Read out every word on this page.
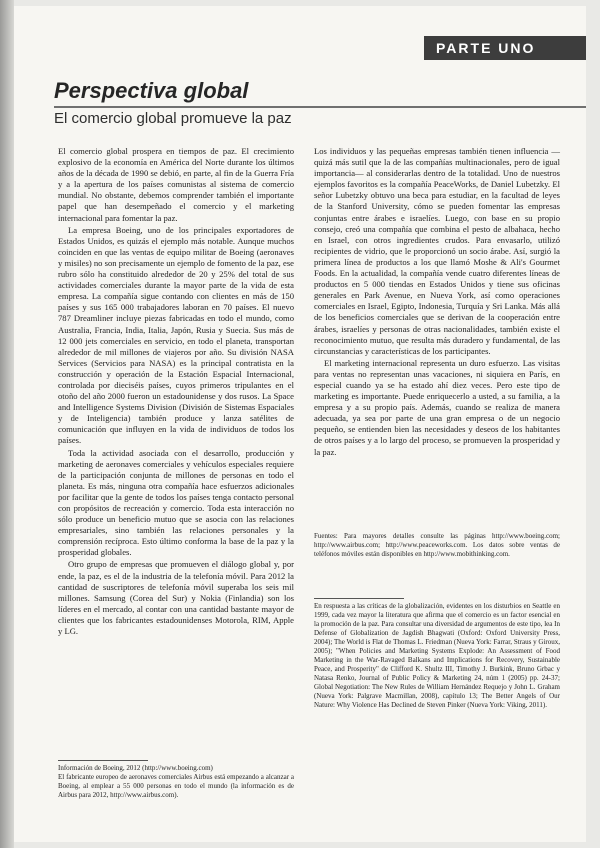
PARTE UNO
Perspectiva global
El comercio global promueve la paz

El comercio global prospera en tiempos de paz. El crecimiento explosivo de la economía en América del Norte durante los últimos años de la década de 1990 se debió, en parte, al fin de la Guerra Fría y a la apertura de los países comunistas al sistema de comercio mundial. No obstante, debemos comprender también el importante papel que han desempeñado el comercio y el marketing internacional para fomentar la paz.

La empresa Boeing, uno de los principales exportadores de Estados Unidos, es quizás el ejemplo más notable. Aunque muchos coinciden en que las ventas de equipo militar de Boeing (aeronaves y misiles) no son precisamente un ejemplo de fomento de la paz, ese rubro sólo ha constituido alrededor de 20 y 25% del total de sus actividades comerciales durante la mayor parte de la vida de esta empresa. La compañía sigue contando con clientes en más de 150 países y sus 165 000 trabajadores laboran en 70 países. El nuevo 787 Dreamliner incluye piezas fabricadas en todo el mundo, como Australia, Francia, India, Italia, Japón, Rusia y Suecia. Sus más de 12 000 jets comerciales en servicio, en todo el planeta, transportan alrededor de mil millones de viajeros por año. Su división NASA Services (Servicios para NASA) es la principal contratista en la construcción y operación de la Estación Espacial Internacional, controlada por dieciséis países, cuyos primeros tripulantes en el otoño del año 2000 fueron un estadounidense y dos rusos. La Space and Intelligence Systems Division (División de Sistemas Espaciales y de Inteligencia) también produce y lanza satélites de comunicación que influyen en la vida de individuos de todos los países.

Toda la actividad asociada con el desarrollo, producción y marketing de aeronaves comerciales y vehículos especiales requiere de la participación conjunta de millones de personas en todo el planeta. Es más, ninguna otra compañía hace esfuerzos adicionales por facilitar que la gente de todos los países tenga contacto personal con propósitos de recreación y comercio. Toda esta interacción no sólo produce un beneficio mutuo que se asocia con las relaciones empresariales, sino también las relaciones personales y la comprensión recíproca. Esto último conforma la base de la paz y la prosperidad globales.

Otro grupo de empresas que promueven el diálogo global y, por ende, la paz, es el de la industria de la telefonía móvil. Para 2012 la cantidad de suscriptores de telefonía móvil superaba los seis mil millones. Samsung (Corea del Sur) y Nokia (Finlandia) son los líderes en el mercado, al contar con una cantidad bastante mayor de clientes que los fabricantes estadounidenses Motorola, RIM, Apple y LG.

Información de Boeing, 2012 (http://www.boeing.com)
El fabricante europeo de aeronaves comerciales Airbus está empezando a alcanzar a Boeing, al emplear a 55 000 personas en todo el mundo (la información es de Airbus para 2012, http://www.airbus.com).

Los individuos y las pequeñas empresas también tienen influencia —quizá más sutil que la de las compañías multinacionales, pero de igual importancia— al considerarlas dentro de la totalidad. Uno de nuestros ejemplos favoritos es la compañía PeaceWorks, de Daniel Lubetzky. El señor Lubetzky obtuvo una beca para estudiar, en la facultad de leyes de la Stanford University, cómo se pueden fomentar las empresas conjuntas entre árabes e israelíes. Luego, con base en su propio consejo, creó una compañía que combina el pesto de albahaca, hecho en Israel, con otros ingredientes crudos. Para envasarlo, utilizó recipientes de vidrio, que le proporcionó un socio árabe. Así, surgió la primera línea de productos a los que llamó Moshe & Ali's Gourmet Foods. En la actualidad, la compañía vende cuatro diferentes líneas de productos en 5 000 tiendas en Estados Unidos y tiene sus oficinas generales en Park Avenue, en Nueva York, así como operaciones comerciales en Israel, Egipto, Indonesia, Turquía y Sri Lanka. Más allá de los beneficios comerciales que se derivan de la cooperación entre árabes, israelíes y personas de otras nacionalidades, también existe el reconocimiento mutuo, que resulta más duradero y fundamental, de las circunstancias y características de los participantes.

El marketing internacional representa un duro esfuerzo. Las visitas para ventas no representan unas vacaciones, ni siquiera en París, en especial cuando ya se ha estado ahí diez veces. Pero este tipo de marketing es importante. Puede enriquecerlo a usted, a su familia, a la empresa y a su propio país. Además, cuando se realiza de manera adecuada, ya sea por parte de una gran empresa o de un negocio pequeño, se entienden bien las necesidades y deseos de los habitantes de otros países y a lo largo del proceso, se promueven la prosperidad y la paz.

Fuentes: Para mayores detalles consulte las páginas http://www.boeing.com; http://www.airbus.com; http://www.peaceworks.com. Los datos sobre ventas de teléfonos móviles están disponibles en http://www.mobithinking.com.
En respuesta a las críticas de la globalización, evidentes en los disturbios en Seattle en 1999, cada vez mayor la literatura que afirma que el comercio es un factor esencial en la promoción de la paz. Para consultar una diversidad de argumentos de este tipo, lea In Defense of Globalization de Jagdish Bhagwati (Oxford: Oxford University Press, 2004); The World is Flat de Thomas L. Friedman (Nueva York: Farrar, Straus y Giroux, 2005); "When Policies and Marketing Systems Explode: An Assessment of Food Marketing in the War-Ravaged Balkans and Implications for Recovery, Sustainable Peace, and Prosperity" de Clifford K. Shultz III, Timothy J. Burkink, Bruno Grbac y Natasa Renko, Journal of Public Policy & Marketing 24, núm 1 (2005) pp. 24-37; Global Negotiation: The New Rules de William Hernández Requejo y John L. Graham (Nueva York: Palgrave Macmillan, 2008), capítulo 13; The Better Angels of Our Nature: Why Violence Has Declined de Steven Pinker (Nueva York: Viking, 2011).
